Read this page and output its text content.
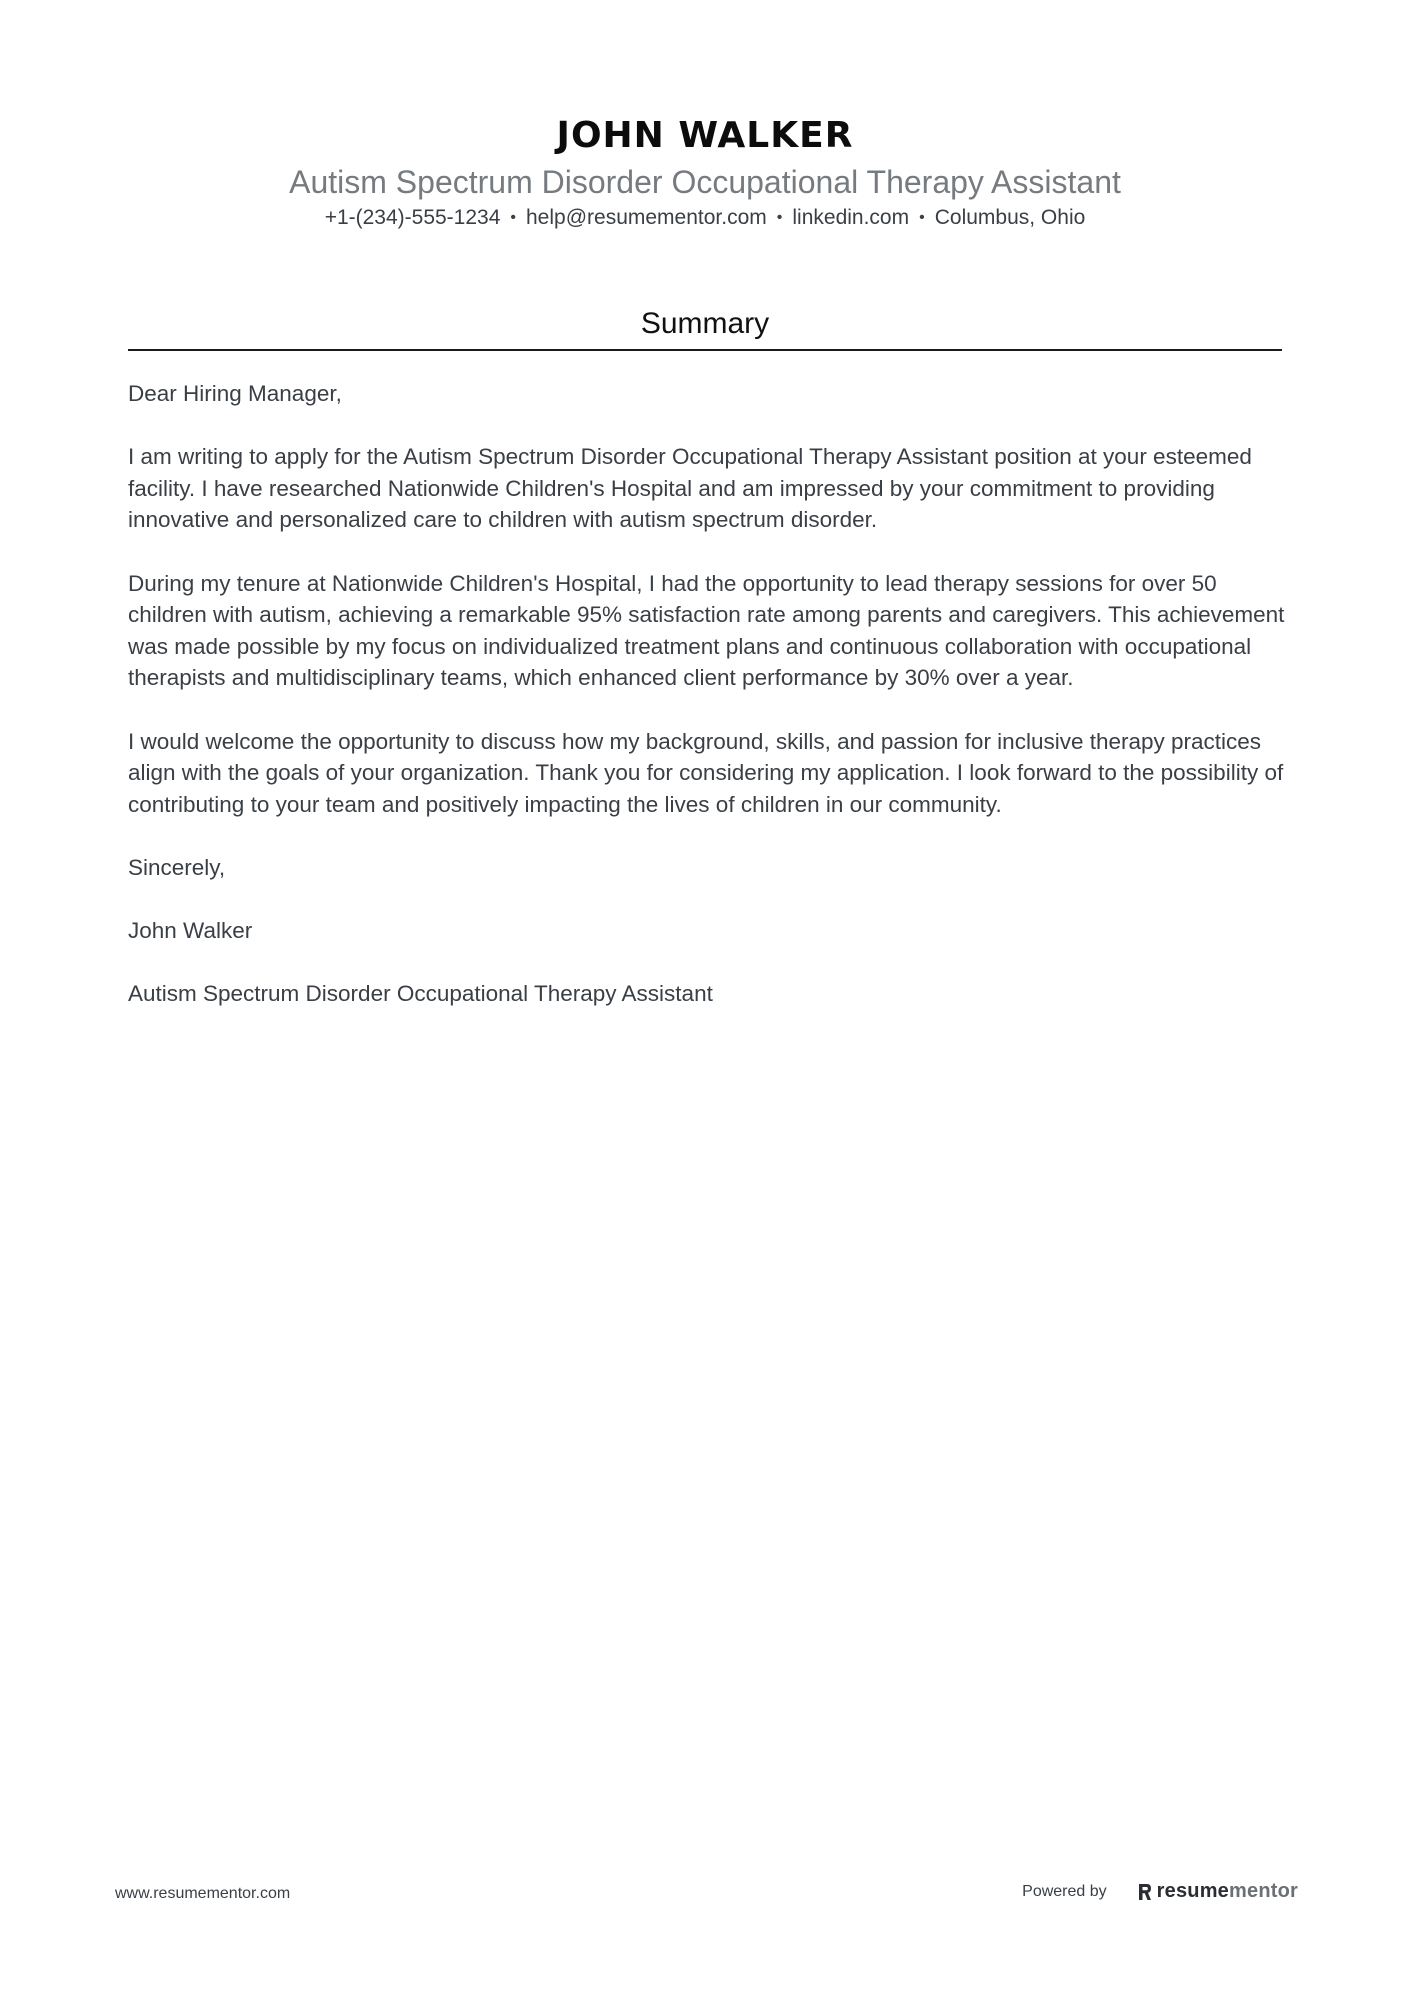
JOHN WALKER
Autism Spectrum Disorder Occupational Therapy Assistant
+1-(234)-555-1234 • help@resumementor.com • linkedin.com • Columbus, Ohio
Summary

Dear Hiring Manager,

I am writing to apply for the Autism Spectrum Disorder Occupational Therapy Assistant position at your esteemed facility. I have researched Nationwide Children's Hospital and am impressed by your commitment to providing innovative and personalized care to children with autism spectrum disorder.

During my tenure at Nationwide Children's Hospital, I had the opportunity to lead therapy sessions for over 50 children with autism, achieving a remarkable 95% satisfaction rate among parents and caregivers. This achievement was made possible by my focus on individualized treatment plans and continuous collaboration with occupational therapists and multidisciplinary teams, which enhanced client performance by 30% over a year.

I would welcome the opportunity to discuss how my background, skills, and passion for inclusive therapy practices align with the goals of your organization. Thank you for considering my application. I look forward to the possibility of contributing to your team and positively impacting the lives of children in our community.

Sincerely,

John Walker

Autism Spectrum Disorder Occupational Therapy Assistant

www.resumementor.com	Powered by	resume mentor
